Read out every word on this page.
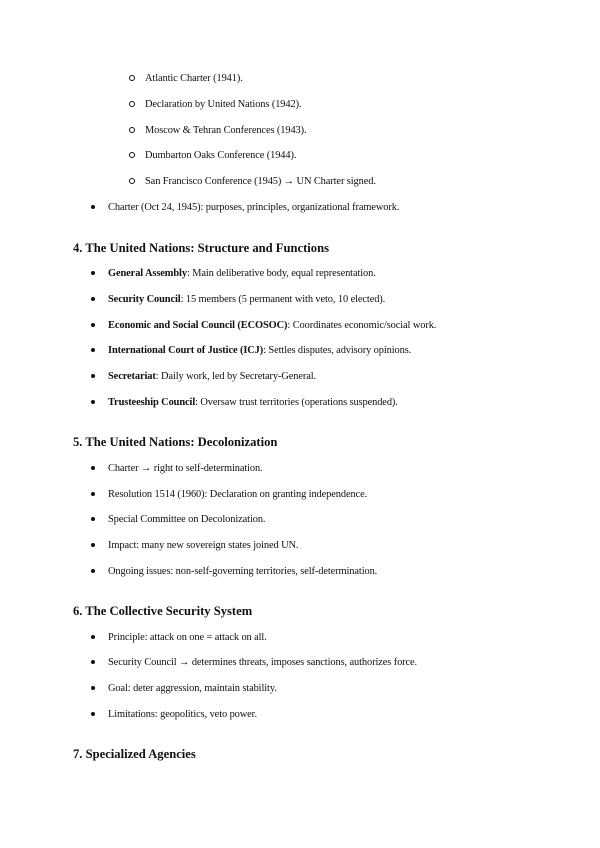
Atlantic Charter (1941).
Declaration by United Nations (1942).
Moscow & Tehran Conferences (1943).
Dumbarton Oaks Conference (1944).
San Francisco Conference (1945) → UN Charter signed.
Charter (Oct 24, 1945): purposes, principles, organizational framework.
4. The United Nations: Structure and Functions
General Assembly: Main deliberative body, equal representation.
Security Council: 15 members (5 permanent with veto, 10 elected).
Economic and Social Council (ECOSOC): Coordinates economic/social work.
International Court of Justice (ICJ): Settles disputes, advisory opinions.
Secretariat: Daily work, led by Secretary-General.
Trusteeship Council: Oversaw trust territories (operations suspended).
5. The United Nations: Decolonization
Charter → right to self-determination.
Resolution 1514 (1960): Declaration on granting independence.
Special Committee on Decolonization.
Impact: many new sovereign states joined UN.
Ongoing issues: non-self-governing territories, self-determination.
6. The Collective Security System
Principle: attack on one = attack on all.
Security Council → determines threats, imposes sanctions, authorizes force.
Goal: deter aggression, maintain stability.
Limitations: geopolitics, veto power.
7. Specialized Agencies
